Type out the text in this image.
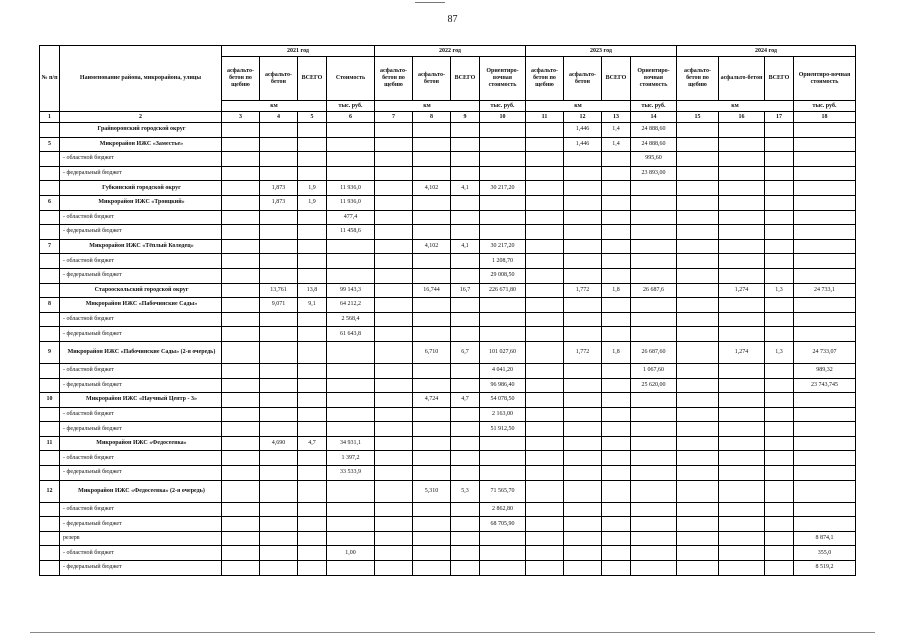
87
№ п/п	Наименование района, микрорайона, улицы	2021 год				2022 год				2023 год				2024 год			
		асфальто-бетон по щебню	асфальто-бетон	ВСЕГО	Стоимость	асфальто-бетон по щебню	асфальто-бетон	ВСЕГО	Ориентиро-вочная стоимость	асфальто-бетон по щебню	асфальто-бетон	ВСЕГО	Ориентиро-вочная стоимость	асфальто-бетон по щебню	асфальто-бетон	ВСЕГО	Ориентиро-вочная стоимость
		км			тыс. руб.	км			тыс. руб.	км			тыс. руб.	км			тыс. руб.
1	2	3	4	5	6	7	8	9	10	11	12	13	14	15	16	17	18
	Грайворонский городской округ										1,446	1,4	24 888,60				
5	Микрорайон ИЖС «Заместье»										1,446	1,4	24 888,60				
	- областной бюджет												995,60				
	- федеральный бюджет												23 893,00				
	Губкинский городской округ		1,873	1,9	11 936,0		4,102	4,1	30 217,20								
6	Микрорайон ИЖС «Троицкий»		1,873	1,9	11 936,0												
	- областной бюджет				477,4												
	- федеральный бюджет				11 458,6												
7	Микрорайон ИЖС «Тёплый Колодец»						4,102	4,1	30 217,20								
	- областной бюджет								1 208,70								
	- федеральный бюджет								29 008,50								
	Старооскольский городской округ		13,761	13,8	99 143,3		16,744	16,7	226 671,80		1,772	1,8	26 687,6		1,274	1,3	24 733,1
8	Микрорайон ИЖС «Пабочинские Сады»		9,071	9,1	64 212,2												
	- областной бюджет				2 568,4												
	- федеральный бюджет				61 643,8												
9	Микрорайон ИЖС «Пабочинские Сады» (2-я очередь)						6,710	6,7	101 027,60		1,772	1,8	26 687,60		1,274	1,3	24 733,07
	- областной бюджет								4 041,20				1 067,60				989,32
	- федеральный бюджет								96 986,40				25 620,00				23 743,745
10	Микрорайон ИЖС «Научный Центр - 3»						4,724	4,7	54 078,50								
	- областной бюджет								2 163,00								
	- федеральный бюджет								51 912,50								
11	Микрорайон ИЖС «Федосеевка»		4,690	4,7	34 931,1												
	- областной бюджет				1 397,2												
	- федеральный бюджет				33 533,9												
12	Микрорайон ИЖС «Федосеевка» (2-я очередь)						5,310	5,3	71 565,70								
	- областной бюджет								2 862,80								
	- федеральный бюджет								68 705,90								
	резерв																8 874,1
	- областной бюджет				1,00												355,0
	- федеральный бюджет																8 519,2
